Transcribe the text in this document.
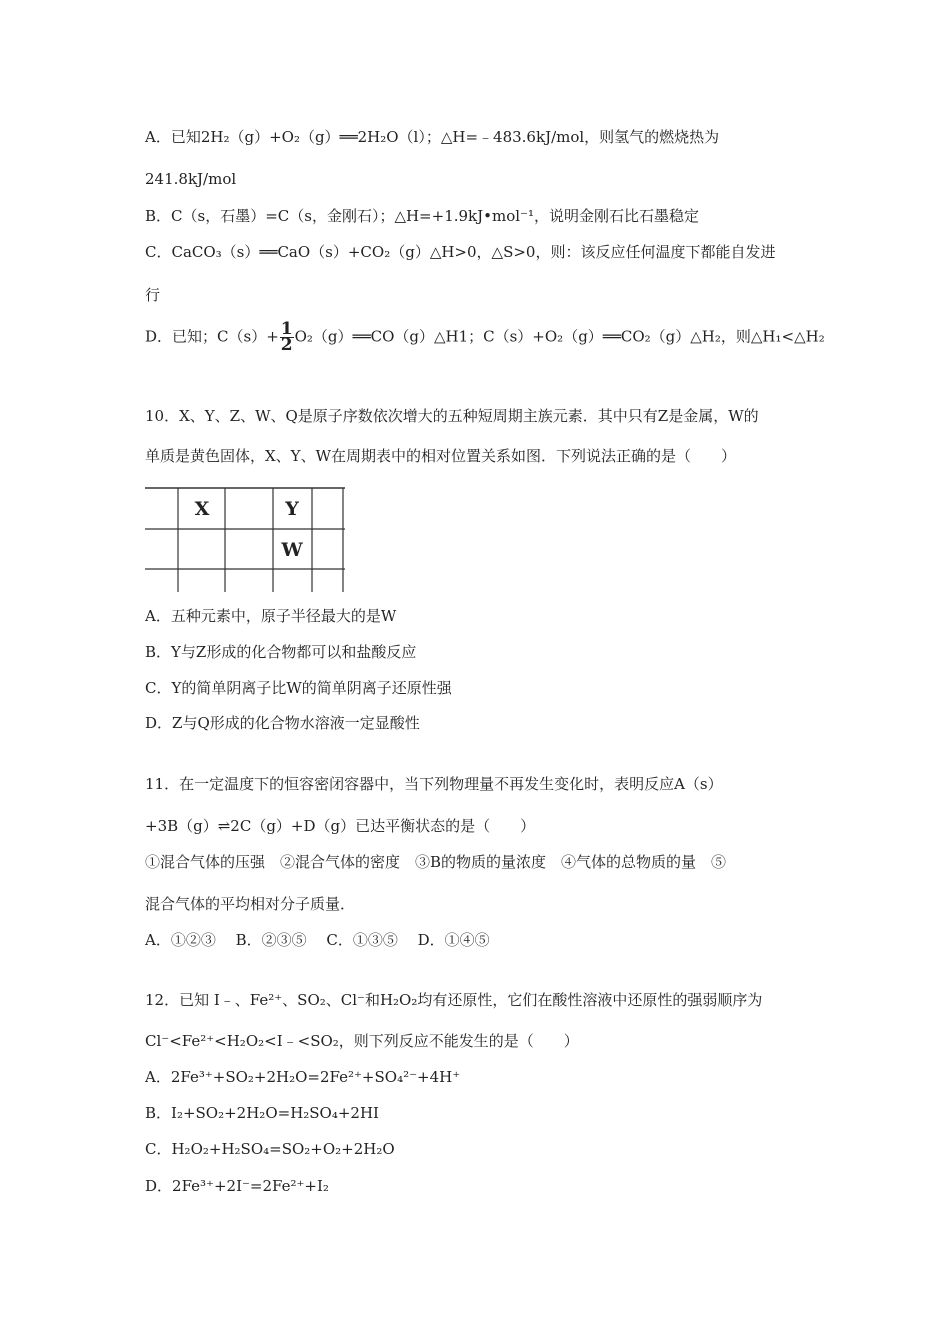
A．已知2H₂（g）+O₂（g）══2H₂O（l）；△H=﹣483.6kJ/mol，则氢气的燃烧热为
241.8kJ/mol
B．C（s，石墨）=C（s，金刚石）；△H=+1.9kJ•mol⁻¹，说明金刚石比石墨稳定
C．CaCO₃（s）══CaO（s）+CO₂（g）△H>0，△S>0，则：该反应任何温度下都能自发进
行
D．已知；$C(s)+ \frac{1}{2}$ O₂（g）══CO（g）△H1；C（s）+O₂（g）══CO₂（g）△H₂，则△H₁<△H₂
10．X、Y、Z、W、Q是原子序数依次增大的五种短周期主族元素．其中只有Z是金属，W的
单质是黄色固体，X、Y、W在周期表中的相对位置关系如图．下列说法正确的是（　　）
X	Y
W
A．五种元素中，原子半径最大的是W
B．Y与Z形成的化合物都可以和盐酸反应
C．Y的简单阴离子比W的简单阴离子还原性强
D．Z与Q形成的化合物水溶液一定显酸性
11．在一定温度下的恒容密闭容器中，当下列物理量不再发生变化时，表明反应A（s）
+3B（g）⇌2C（g）+D（g）已达平衡状态的是（　　）
①混合气体的压强　②混合气体的密度　③B的物质的量浓度　④气体的总物质的量　⑤
混合气体的平均相对分子质量．
A．①②③　 B．②③⑤　 C．①③⑤　 D．①④⑤
12．已知 I﹣、Fe²⁺、SO₂、Cl⁻和H₂O₂均有还原性，它们在酸性溶液中还原性的强弱顺序为
Cl⁻<Fe²⁺<H₂O₂<I﹣<SO₂，则下列反应不能发生的是（　　）
A．2Fe³⁺+SO₂+2H₂O=2Fe²⁺+SO₄²⁻+4H⁺
B．I₂+SO₂+2H₂O=H₂SO₄+2HI
C．H₂O₂+H₂SO₄=SO₂+O₂+2H₂O
D．2Fe³⁺+2I⁻=2Fe²⁺+I₂
